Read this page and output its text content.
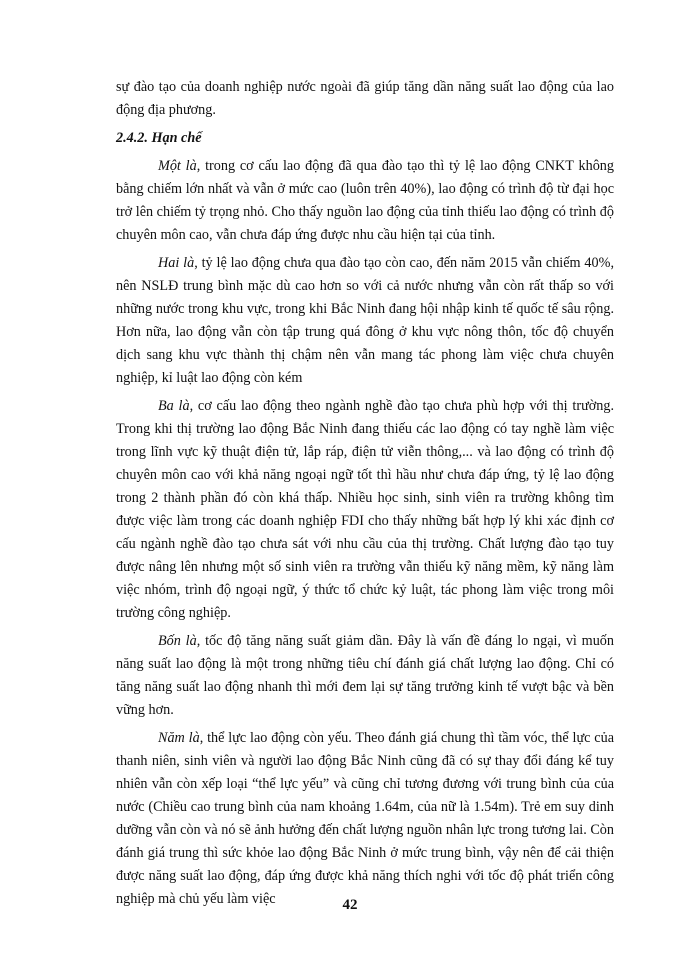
sự đào tạo của doanh nghiệp nước ngoài đã giúp tăng dần năng suất lao động của lao động địa phương.

2.4.2. Hạn chế

Một là, trong cơ cấu lao động đã qua đào tạo thì tỷ lệ lao động CNKT không bằng chiếm lớn nhất và vẫn ở mức cao (luôn trên 40%), lao động có trình độ từ đại học trở lên chiếm tỷ trọng nhỏ. Cho thấy nguồn lao động của tỉnh thiếu lao động có trình độ chuyên môn cao, vẫn chưa đáp ứng được nhu cầu hiện tại của tỉnh.

Hai là, tỷ lệ lao động chưa qua đào tạo còn cao, đến năm 2015 vẫn chiếm 40%, nên NSLĐ trung bình mặc dù cao hơn so với cả nước nhưng vẫn còn rất thấp so với những nước trong khu vực, trong khi Bắc Ninh đang hội nhập kinh tế quốc tế sâu rộng. Hơn nữa, lao động vẫn còn tập trung quá đông ở khu vực nông thôn, tốc độ chuyển dịch sang khu vực thành thị chậm nên vẫn mang tác phong làm việc chưa chuyên nghiệp, kỉ luật lao động còn kém

Ba là, cơ cấu lao động theo ngành nghề đào tạo chưa phù hợp với thị trường. Trong khi thị trường lao động Bắc Ninh đang thiếu các lao động có tay nghề làm việc trong lĩnh vực kỹ thuật điện tử, lắp ráp, điện tử viễn thông,... và lao động có trình độ chuyên môn cao với khả năng ngoại ngữ tốt thì hầu như chưa đáp ứng, tỷ lệ lao động trong 2 thành phần đó còn khá thấp. Nhiều học sinh, sinh viên ra trường không tìm được việc làm trong các doanh nghiệp FDI cho thấy những bất hợp lý khi xác định cơ cấu ngành nghề đào tạo chưa sát với nhu cầu của thị trường. Chất lượng đào tạo tuy được nâng lên nhưng một số sinh viên ra trường vẫn thiếu kỹ năng mềm, kỹ năng làm việc nhóm, trình độ ngoại ngữ, ý thức tổ chức kỷ luật, tác phong làm việc trong môi trường công nghiệp.

Bốn là, tốc độ tăng năng suất giảm dần. Đây là vấn đề đáng lo ngại, vì muốn năng suất lao động là một trong những tiêu chí đánh giá chất lượng lao động. Chỉ có tăng năng suất lao động nhanh thì mới đem lại sự tăng trưởng kinh tế vượt bậc và bền vững hơn.

Năm là, thể lực lao động còn yếu. Theo đánh giá chung thì tầm vóc, thể lực của thanh niên, sinh viên và người lao động Bắc Ninh cũng đã có sự thay đổi đáng kể tuy nhiên vẫn còn xếp loại “thể lực yếu” và cũng chỉ tương đương với trung bình của của nước (Chiều cao trung bình của nam khoảng 1.64m, của nữ là 1.54m). Trẻ em suy dinh dưỡng vẫn còn và nó sẽ ảnh hưởng đến chất lượng nguồn nhân lực trong tương lai. Còn đánh giá trung thì sức khỏe lao động Bắc Ninh ở mức trung bình, vậy nên để cải thiện được năng suất lao động, đáp ứng được khả năng thích nghi với tốc độ phát triển công nghiệp mà chủ yếu làm việc	42
